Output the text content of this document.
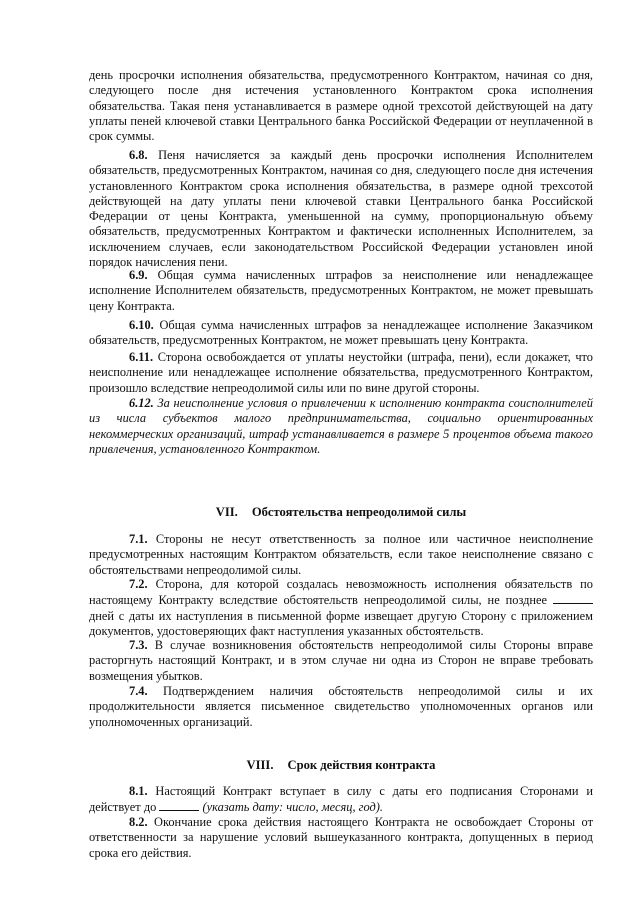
день просрочки исполнения обязательства, предусмотренного Контрактом, начиная со дня, следующего после дня истечения установленного Контрактом срока исполнения обязательства. Такая пеня устанавливается в размере одной трехсотой действующей на дату уплаты пеней ключевой ставки Центрального банка Российской Федерации от неуплаченной в срок суммы.

6.8. Пеня начисляется за каждый день просрочки исполнения Исполнителем обязательств, предусмотренных Контрактом, начиная со дня, следующего после дня истечения установленного Контрактом срока исполнения обязательства, в размере одной трехсотой действующей на дату уплаты пени ключевой ставки Центрального банка Российской Федерации от цены Контракта, уменьшенной на сумму, пропорциональную объему обязательств, предусмотренных Контрактом и фактически исполненных Исполнителем, за исключением случаев, если законодательством Российской Федерации установлен иной порядок начисления пени.

6.9. Общая сумма начисленных штрафов за неисполнение или ненадлежащее исполнение Исполнителем обязательств, предусмотренных Контрактом, не может превышать цену Контракта.

6.10. Общая сумма начисленных штрафов за ненадлежащее исполнение Заказчиком обязательств, предусмотренных Контрактом, не может превышать цену Контракта.

6.11. Сторона освобождается от уплаты неустойки (штрафа, пени), если докажет, что неисполнение или ненадлежащее исполнение обязательства, предусмотренного Контрактом, произошло вследствие непреодолимой силы или по вине другой стороны.

6.12. За неисполнение условия о привлечении к исполнению контракта соисполнителей из числа субъектов малого предпринимательства, социально ориентированных некоммерческих организаций, штраф устанавливается в размере 5 процентов объема такого привлечения, установленного Контрактом.

VII. Обстоятельства непреодолимой силы

7.1. Стороны не несут ответственность за полное или частичное неисполнение предусмотренных настоящим Контрактом обязательств, если такое неисполнение связано с обстоятельствами непреодолимой силы.

7.2. Сторона, для которой создалась невозможность исполнения обязательств по настоящему Контракту вследствие обстоятельств непреодолимой силы, не позднее  дней с даты их наступления в письменной форме извещает другую Сторону с приложением документов, удостоверяющих факт наступления указанных обстоятельств.

7.3. В случае возникновения обстоятельств непреодолимой силы Стороны вправе расторгнуть настоящий Контракт, и в этом случае ни одна из Сторон не вправе требовать возмещения убытков.

7.4. Подтверждением наличия обстоятельств непреодолимой силы и их продолжительности является письменное свидетельство уполномоченных органов или уполномоченных организаций.

VIII. Срок действия контракта

8.1. Настоящий Контракт вступает в силу с даты его подписания Сторонами и действует до	(указать дату: число, месяц, год).

8.2. Окончание срока действия настоящего Контракта не освобождает Стороны от ответственности за нарушение условий вышеуказанного контракта, допущенных в период срока его действия.
